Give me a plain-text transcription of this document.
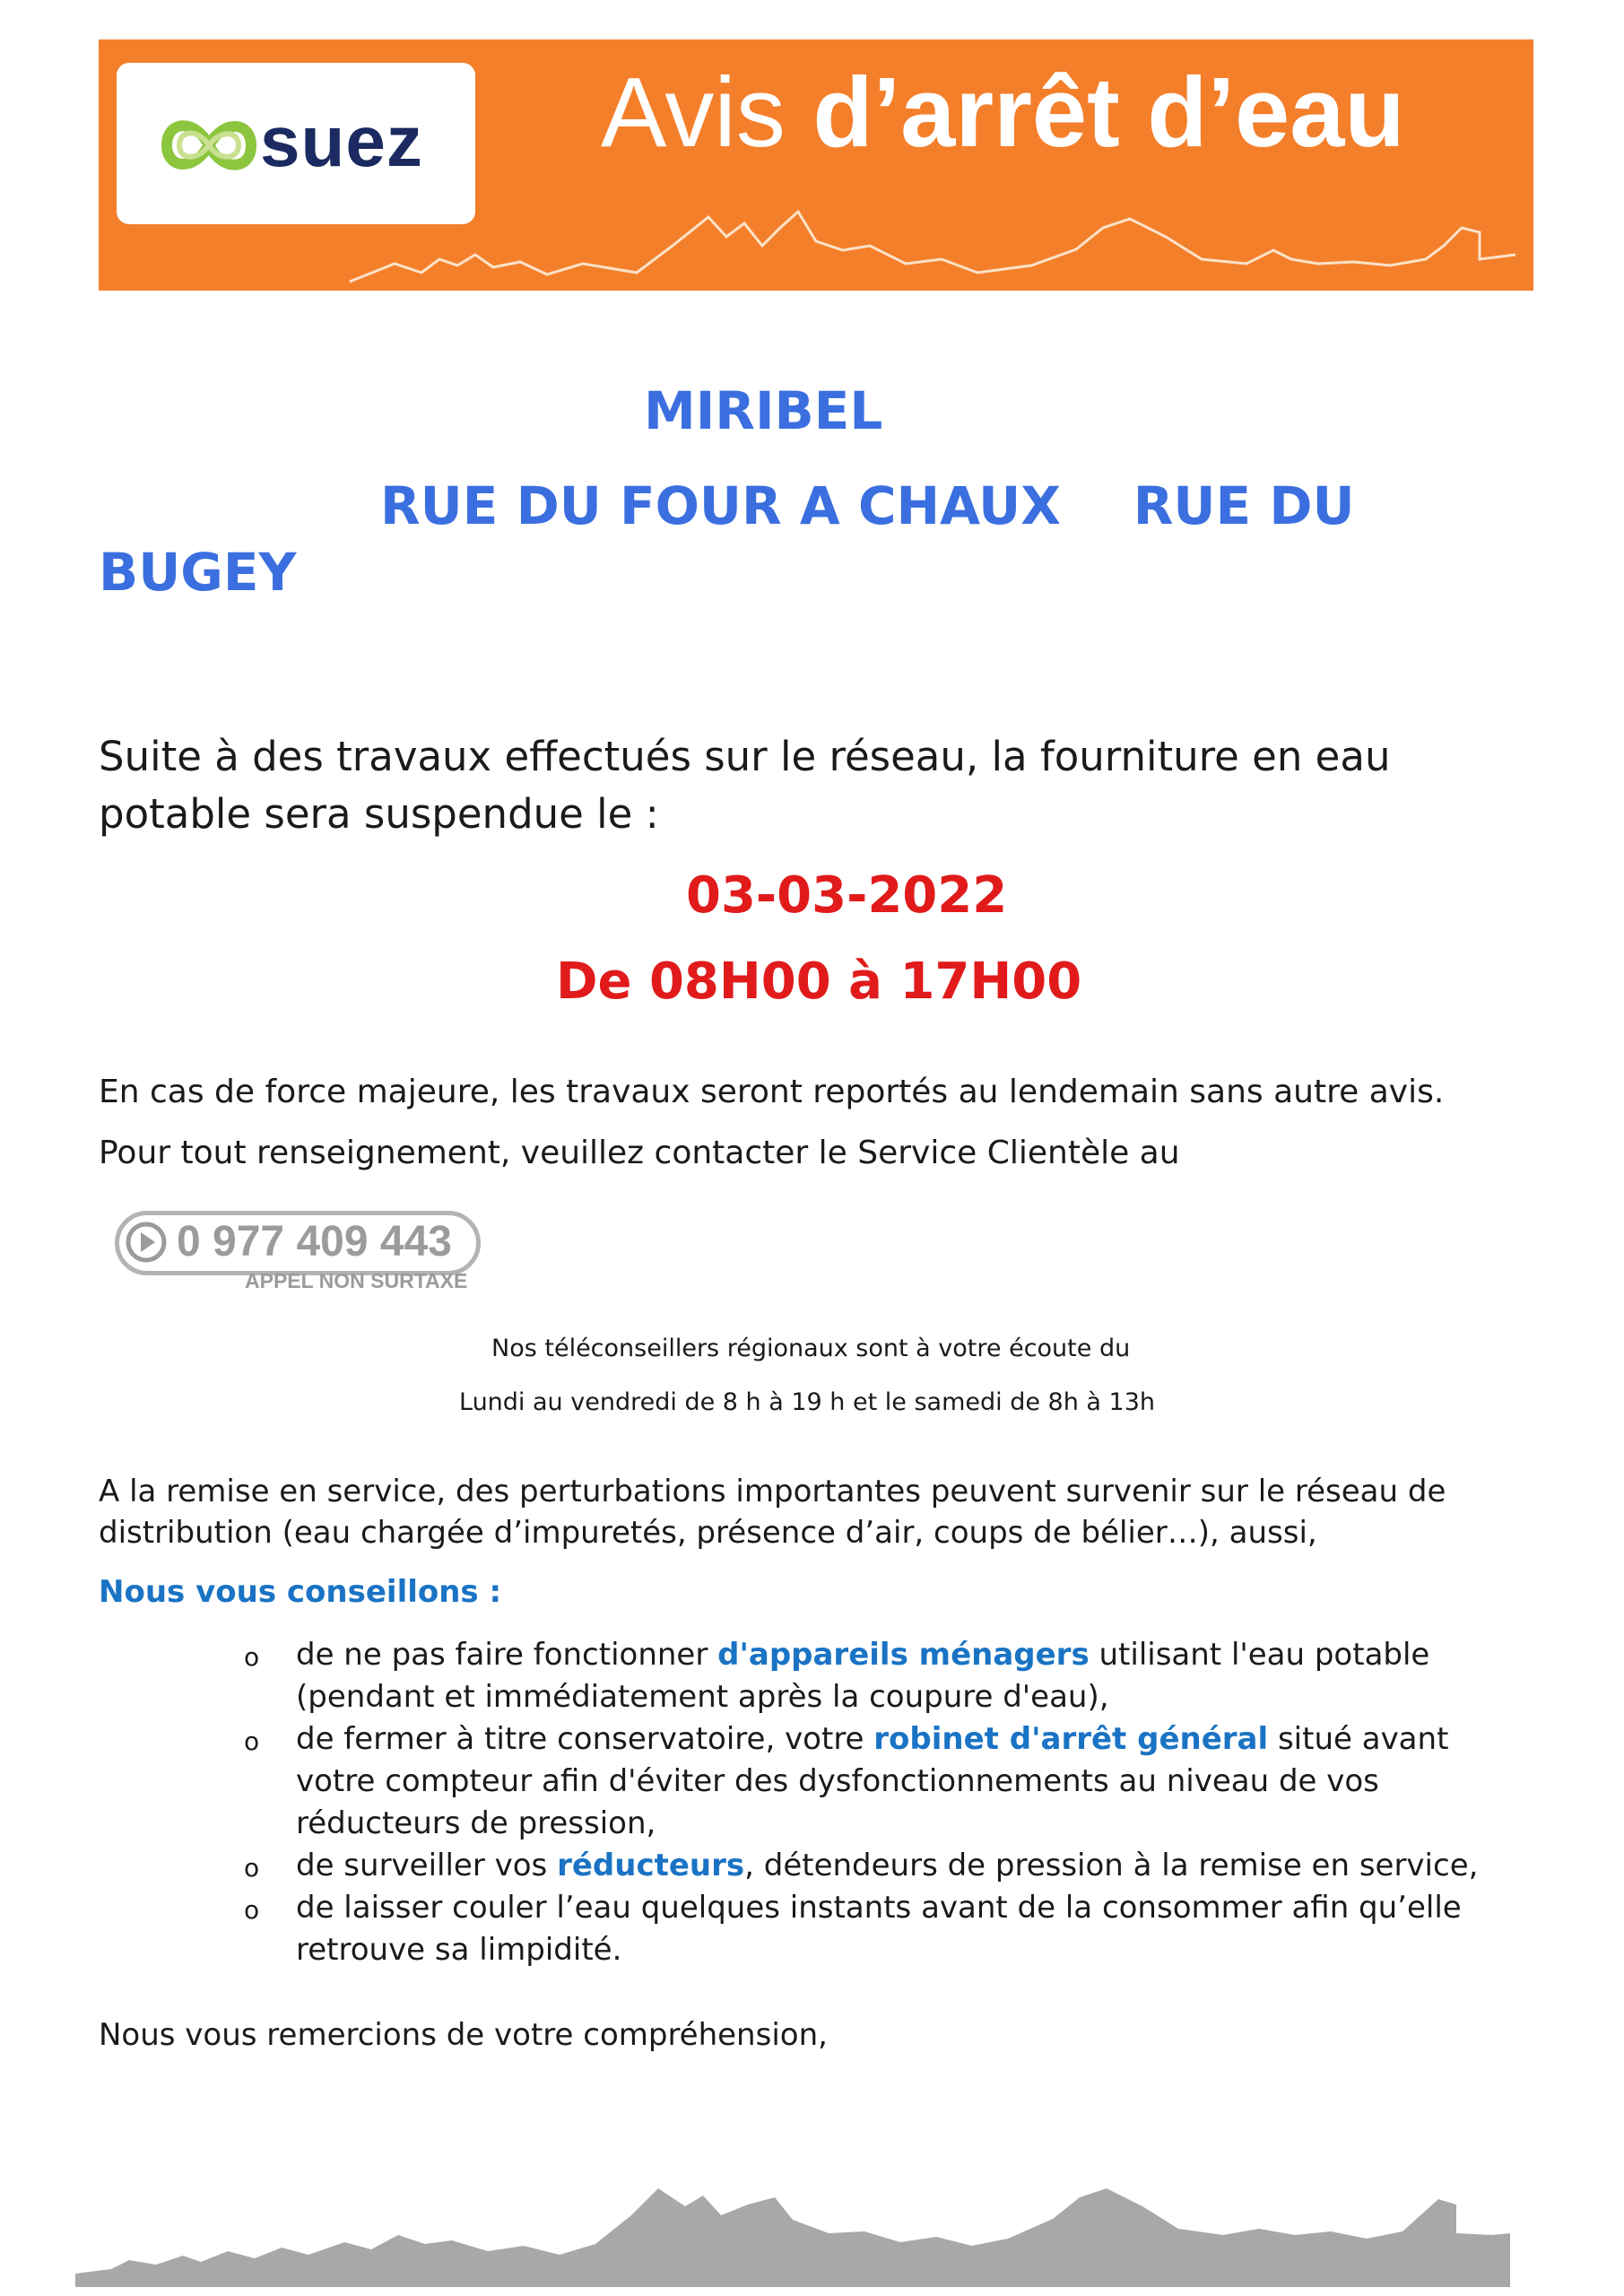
suez Avis d’arrêt d’eau
MIRIBEL
RUE DU FOUR A CHAUX    RUE DU
BUGEY
Suite à des travaux effectués sur le réseau, la fourniture en eau potable sera suspendue le :
03-03-2022
De 08H00 à 17H00
En cas de force majeure, les travaux seront reportés au lendemain sans autre avis.
Pour tout renseignement, veuillez contacter le Service Clientèle au
0 977 409 443
APPEL NON SURTAXE
Nos téléconseillers régionaux sont à votre écoute du
Lundi au vendredi de 8 h à 19 h et le samedi de 8h à 13h
A la remise en service, des perturbations importantes peuvent survenir sur le réseau de distribution (eau chargée d’impuretés, présence d’air, coups de bélier…), aussi,
Nous vous conseillons :
o de ne pas faire fonctionner d'appareils ménagers utilisant l'eau potable (pendant et immédiatement après la coupure d'eau),
o de fermer à titre conservatoire, votre robinet d'arrêt général situé avant votre compteur afin d'éviter des dysfonctionnements au niveau de vos réducteurs de pression,
o de surveiller vos réducteurs, détendeurs de pression à la remise en service,
o de laisser couler l’eau quelques instants avant de la consommer afin qu’elle retrouve sa limpidité.
Nous vous remercions de votre compréhension,
